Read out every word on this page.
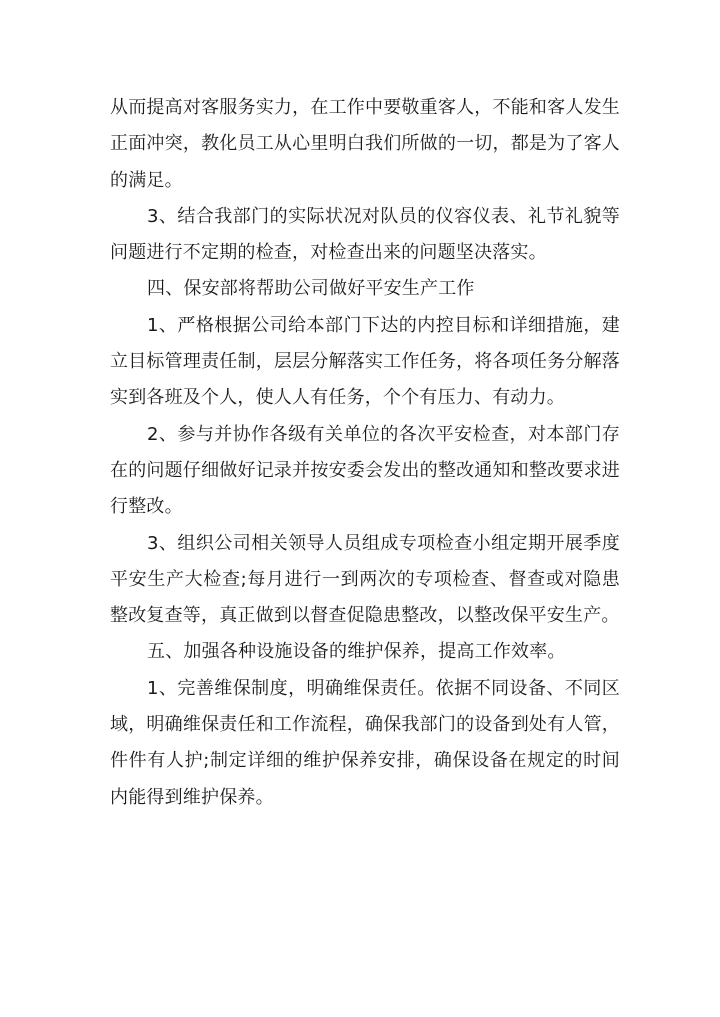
从而提高对客服务实力，在工作中要敬重客人，不能和客人发生正面冲突，教化员工从心里明白我们所做的一切，都是为了客人的满足。

3、结合我部门的实际状况对队员的仪容仪表、礼节礼貌等问题进行不定期的检查，对检查出来的问题坚决落实。

四、保安部将帮助公司做好平安生产工作

1、严格根据公司给本部门下达的内控目标和详细措施，建立目标管理责任制，层层分解落实工作任务，将各项任务分解落实到各班及个人，使人人有任务，个个有压力、有动力。

2、参与并协作各级有关单位的各次平安检查，对本部门存在的问题仔细做好记录并按安委会发出的整改通知和整改要求进行整改。

3、组织公司相关领导人员组成专项检查小组定期开展季度平安生产大检查;每月进行一到两次的专项检查、督查或对隐患整改复查等，真正做到以督查促隐患整改，以整改保平安生产。

五、加强各种设施设备的维护保养，提高工作效率。

1、完善维保制度，明确维保责任。依据不同设备、不同区域，明确维保责任和工作流程，确保我部门的设备到处有人管，件件有人护;制定详细的维护保养安排，确保设备在规定的时间内能得到维护保养。
